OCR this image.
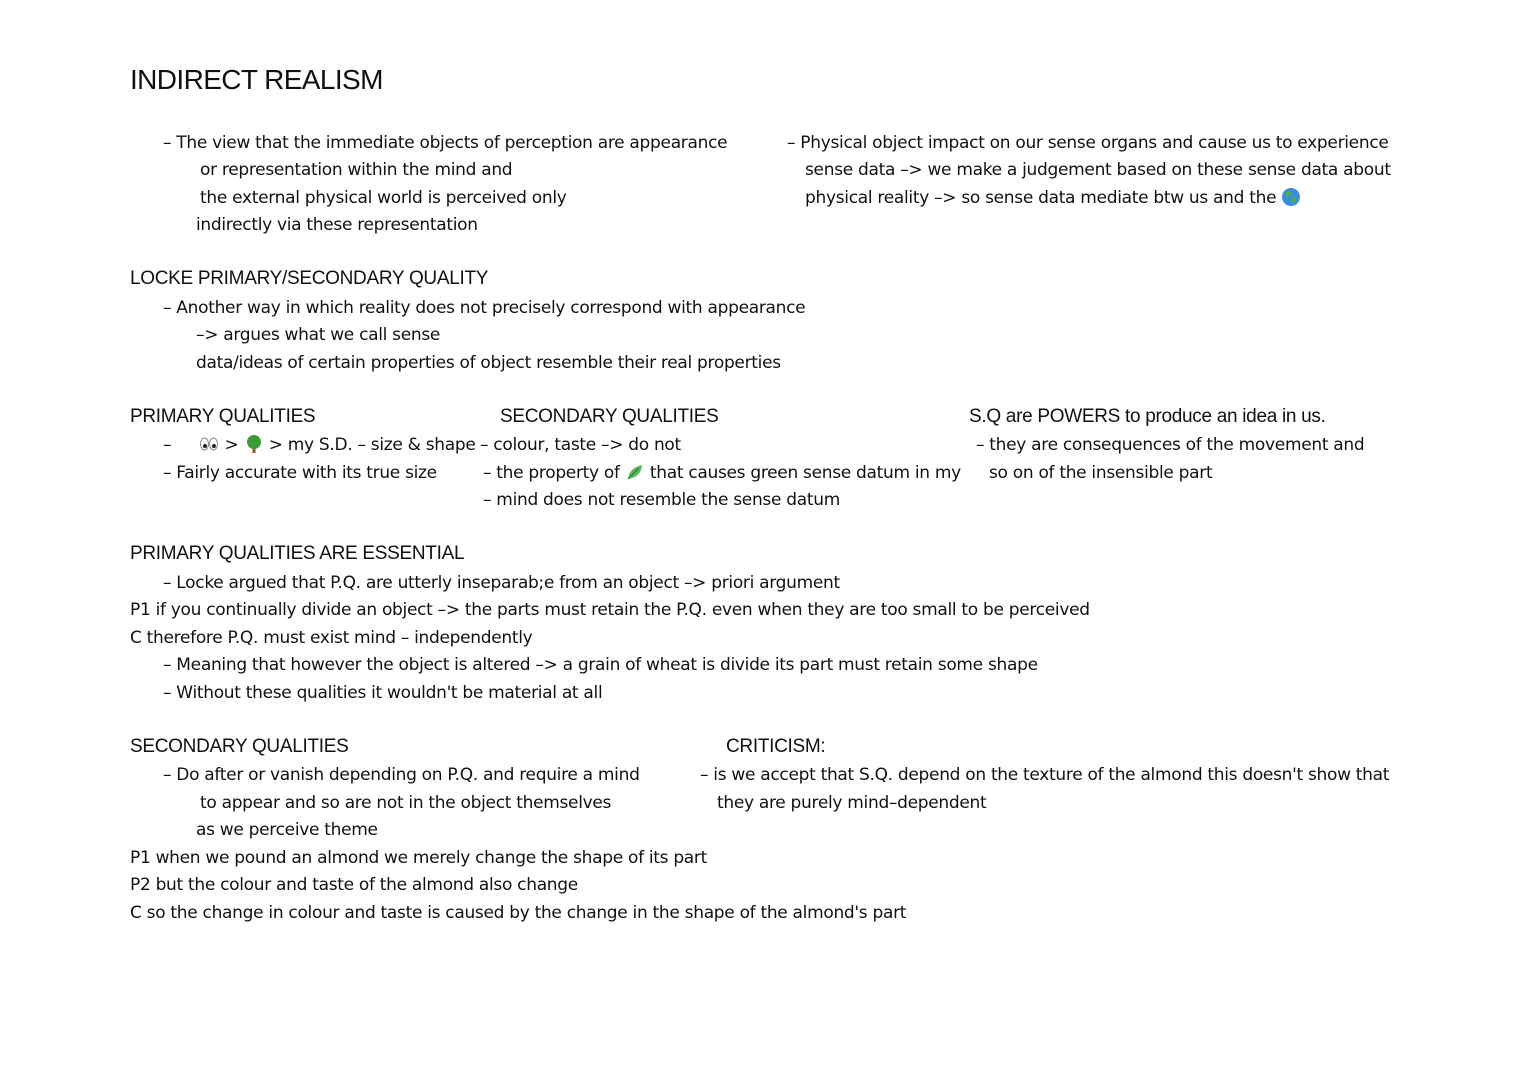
INDIRECT REALISM
– The view that the immediate objects of perception are appearance
or representation within the mind and
the external physical world is perceived only
indirectly via these representation
– Physical object impact on our sense organs and cause us to experience
sense data –> we make a judgement based on these sense data about
physical reality –> so sense data mediate btw us and the
LOCKE PRIMARY/SECONDARY QUALITY
– Another way in which reality does not precisely correspond with appearance
–> argues what we call sense
data/ideas of certain properties of object resemble their real properties
PRIMARY QUALITIES
–	> > my S.D. – size & shape
– Fairly accurate with its true size
SECONDARY QUALITIES
– colour, taste –> do not
– the property of that causes green sense datum in my
– mind does not resemble the sense datum
S.Q are POWERS to produce an idea in us.
– they are consequences of the movement and
so on of the insensible part
PRIMARY QUALITIES ARE ESSENTIAL
– Locke argued that P.Q. are utterly inseparab;e from an object –> priori argument
P1 if you continually divide an object –> the parts must retain the P.Q. even when they are too small to be perceived
C therefore P.Q. must exist mind – independently
– Meaning that however the object is altered –> a grain of wheat is divide its part must retain some shape
– Without these qualities it wouldn't be material at all
SECONDARY QUALITIES
– Do after or vanish depending on P.Q. and require a mind
to appear and so are not in the object themselves
as we perceive theme
P1 when we pound an almond we merely change the shape of its part
P2 but the colour and taste of the almond also change
C so the change in colour and taste is caused by the change in the shape of the almond's part
CRITICISM:
– is we accept that S.Q. depend on the texture of the almond this doesn't show that
they are purely mind–dependent
